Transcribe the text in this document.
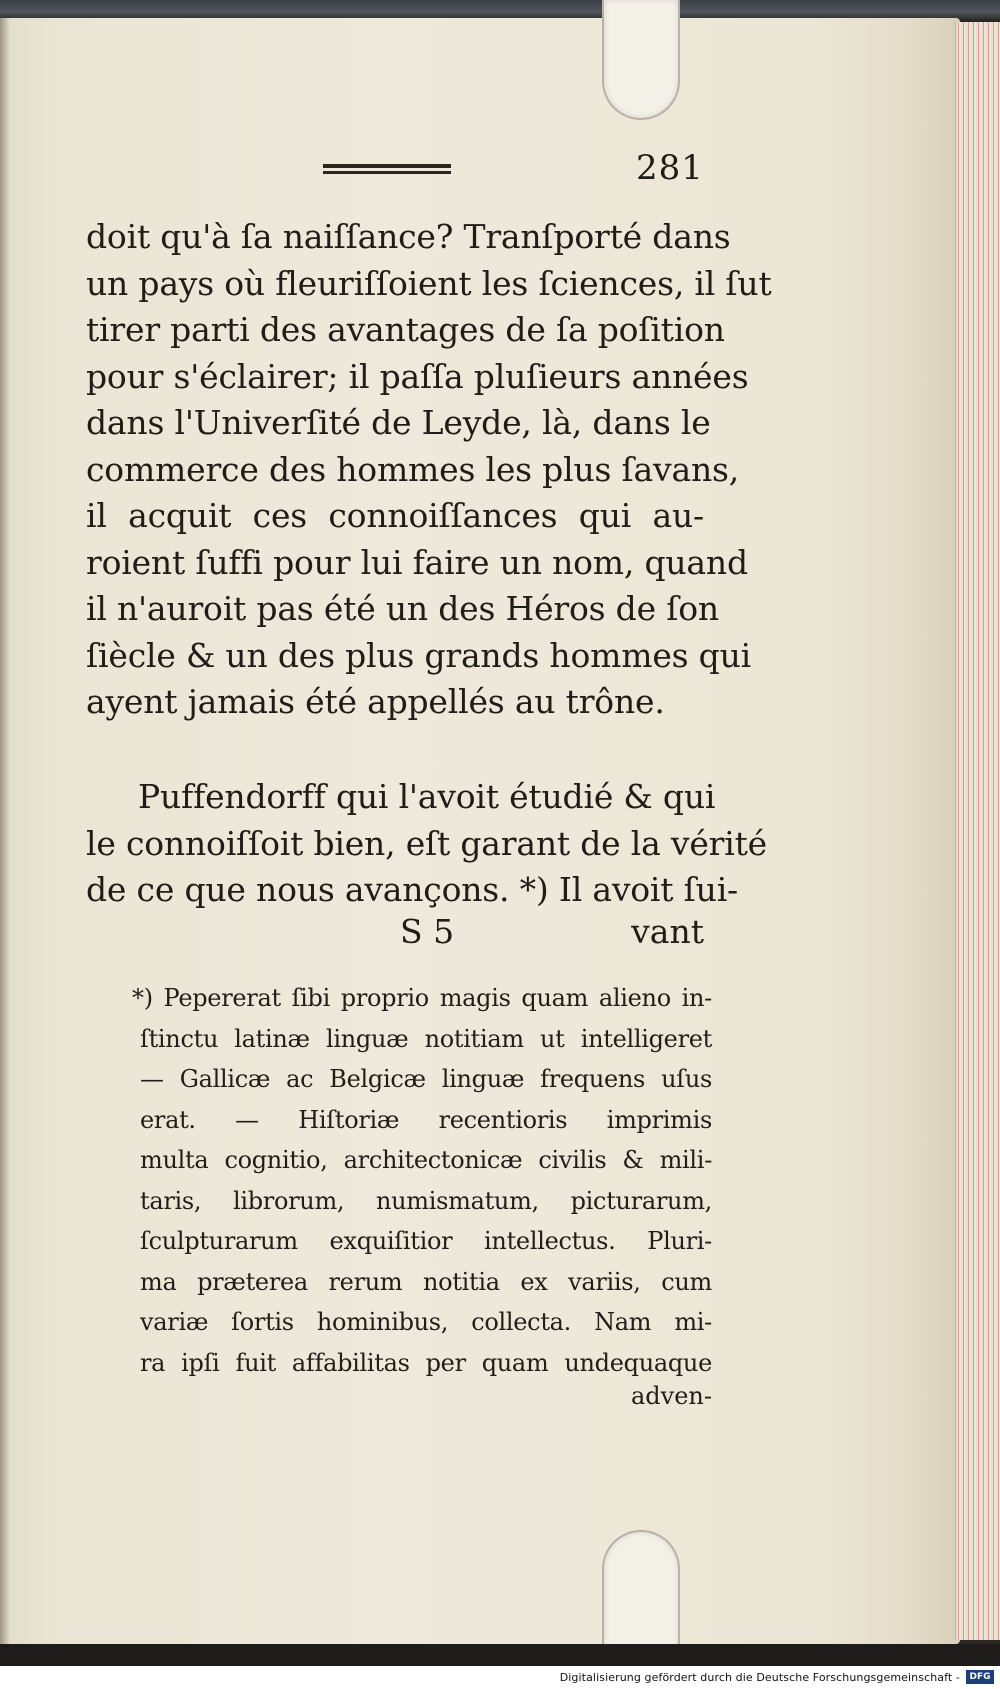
281
doit qu'à ſa naiſſance? Tranſporté dans
un pays où fleuriſſoient les ſciences, il ſut
tirer parti des avantages de ſa poſition
pour s'éclairer; il paſſa pluſieurs années
dans l'Univerſité de Leyde, là, dans le
commerce des hommes les plus ſavans,
il acquit ces connoiſſances qui au-
roient ſuffi pour lui faire un nom, quand
il n'auroit pas été un des Héros de ſon
ſiècle & un des plus grands hommes qui
ayent jamais été appellés au trône.
Puffendorff qui l'avoit étudié & qui
le connoiſſoit bien, eſt garant de la vérité
de ce que nous avançons. *) Il avoit ſui-
S 5	vant
*) Pepererat ſibi proprio magis quam alieno in-
ſtinctu latinæ linguæ notitiam ut intelligeret
— Gallicæ ac Belgicæ linguæ frequens uſus
erat. — Hiſtoriæ recentioris imprimis
multa cognitio, architectonicæ civilis & mili-
taris, librorum, numismatum, picturarum,
ſculpturarum exquiſitior intellectus. Pluri-
ma præterea rerum notitia ex variis, cum
variæ ſortis hominibus, collecta. Nam mi-
ra ipſi fuit affabilitas per quam undequaque
adven-
Digitalisierung gefördert durch die Deutsche Forschungsgemeinschaft -	DFG
